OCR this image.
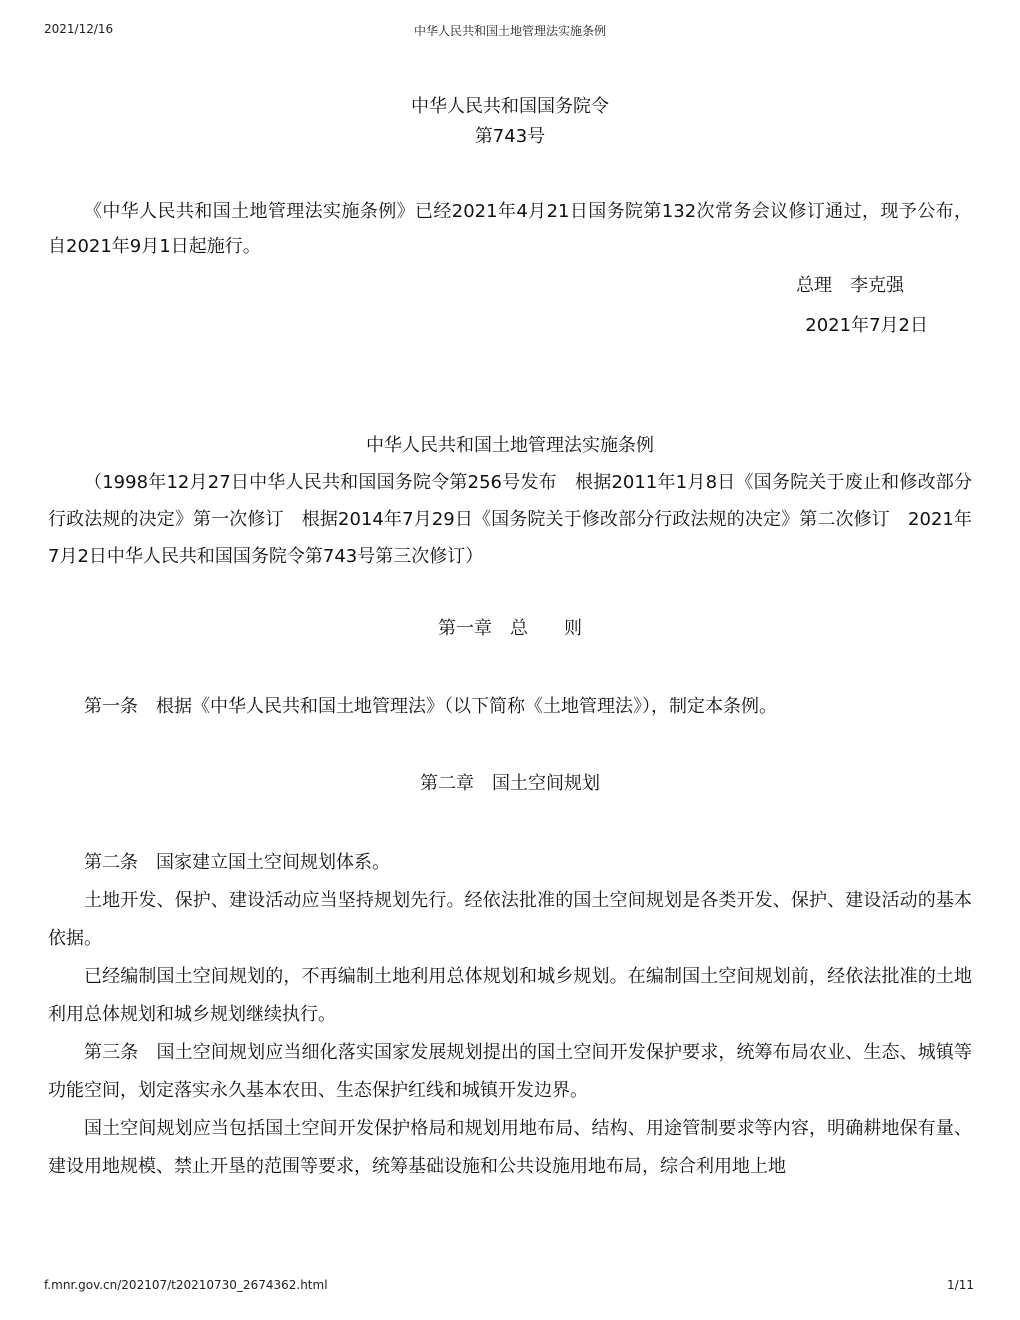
2021/12/16	中华人民共和国土地管理法实施条例
中华人民共和国国务院令
第743号

《中华人民共和国土地管理法实施条例》已经2021年4月21日国务院第132次常务会议修订通过，现予公布，自2021年9月1日起施行。

总理　李克强
2021年7月2日
中华人民共和国土地管理法实施条例

（1998年12月27日中华人民共和国国务院令第256号发布　根据2011年1月8日《国务院关于废止和修改部分行政法规的决定》第一次修订　根据2014年7月29日《国务院关于修改部分行政法规的决定》第二次修订　2021年7月2日中华人民共和国国务院令第743号第三次修订）

第一章　总　　则

第一条　根据《中华人民共和国土地管理法》（以下简称《土地管理法》），制定本条例。

第二章　国土空间规划

第二条　国家建立国土空间规划体系。

土地开发、保护、建设活动应当坚持规划先行。经依法批准的国土空间规划是各类开发、保护、建设活动的基本依据。

已经编制国土空间规划的，不再编制土地利用总体规划和城乡规划。在编制国土空间规划前，经依法批准的土地利用总体规划和城乡规划继续执行。

第三条　国土空间规划应当细化落实国家发展规划提出的国土空间开发保护要求，统筹布局农业、生态、城镇等功能空间，划定落实永久基本农田、生态保护红线和城镇开发边界。

国土空间规划应当包括国土空间开发保护格局和规划用地布局、结构、用途管制要求等内容，明确耕地保有量、建设用地规模、禁止开垦的范围等要求，统筹基础设施和公共设施用地布局，综合利用地上地

f.mnr.gov.cn/202107/t20210730_2674362.html	1/11
